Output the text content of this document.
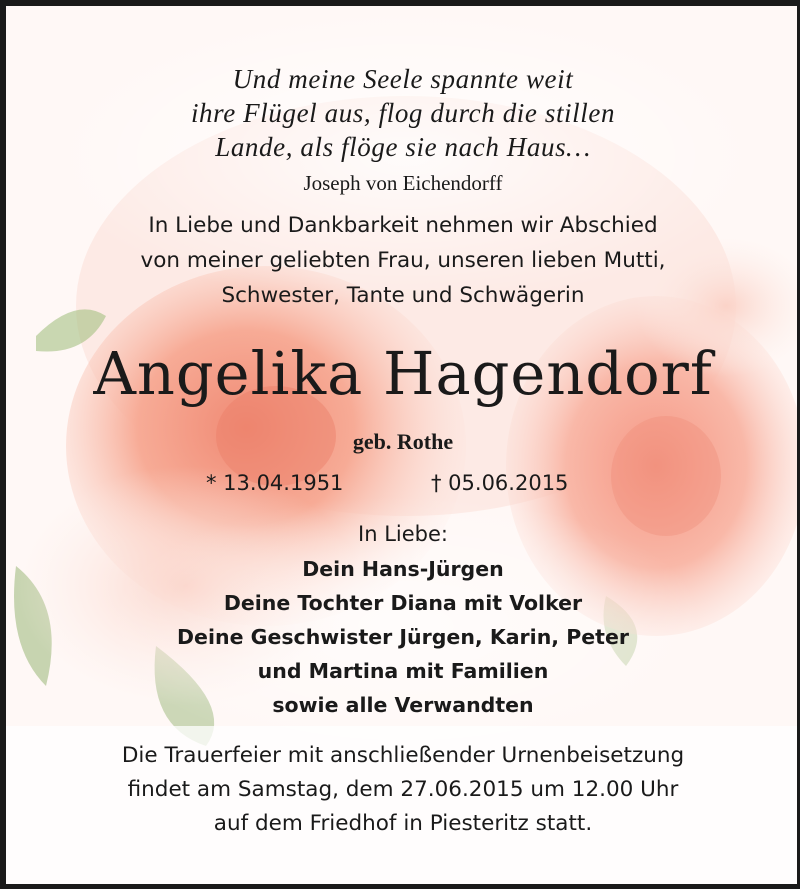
Und meine Seele spannte weit
ihre Flügel aus, flog durch die stillen
Lande, als flöge sie nach Haus…
Joseph von Eichendorff
In Liebe und Dankbarkeit nehmen wir Abschied
von meiner geliebten Frau, unseren lieben Mutti,
Schwester, Tante und Schwägerin
Angelika Hagendorf
geb. Rothe
* 13.04.1951	† 05.06.2015
In Liebe:
Dein Hans-Jürgen
Deine Tochter Diana mit Volker
Deine Geschwister Jürgen, Karin, Peter
und Martina mit Familien
sowie alle Verwandten
Die Trauerfeier mit anschließender Urnenbeisetzung
findet am Samstag, dem 27.06.2015 um 12.00 Uhr
auf dem Friedhof in Piesteritz statt.
